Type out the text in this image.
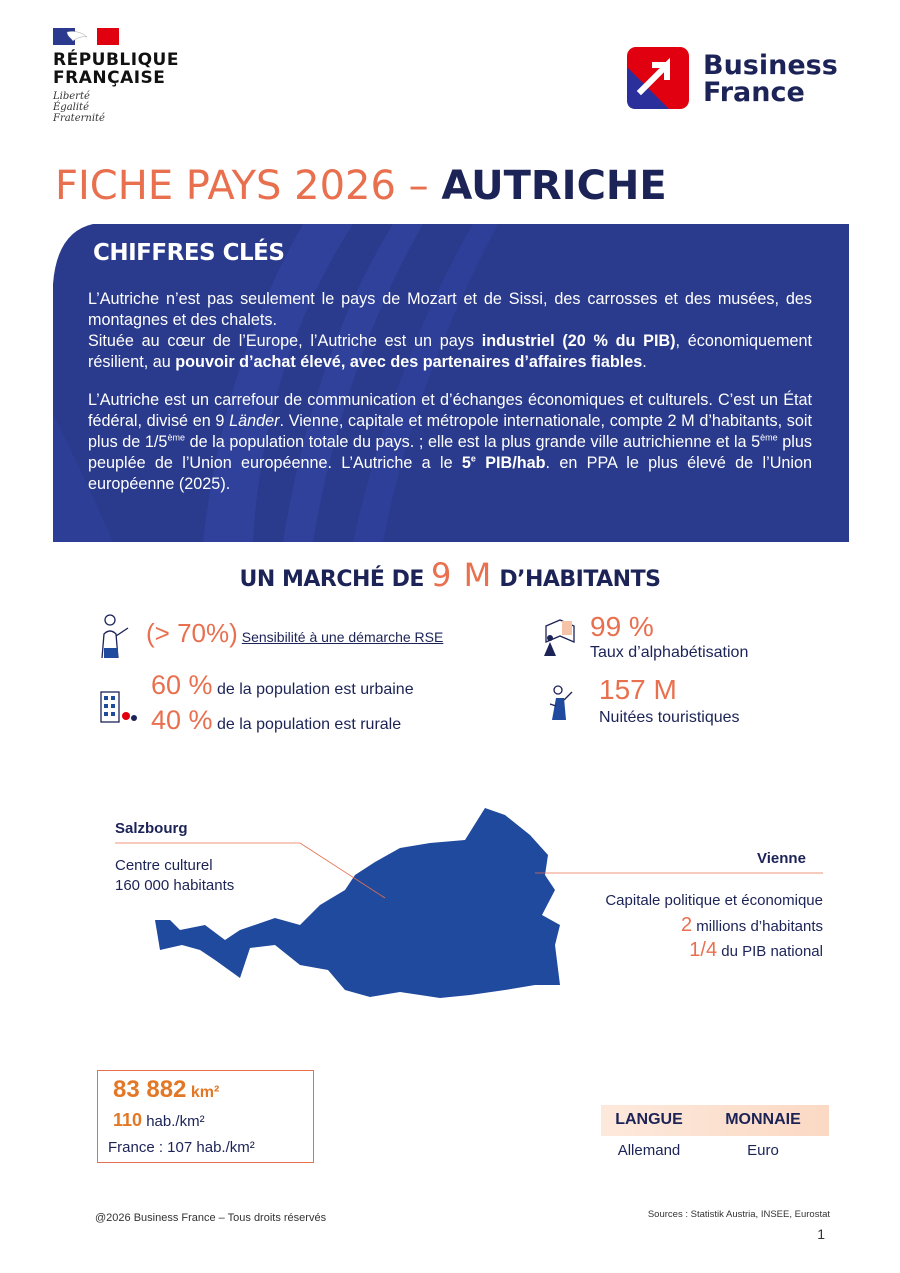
RÉPUBLIQUE
FRANÇAISE
Liberté
Égalité
Fraternité
Business
France
FICHE PAYS 2026 – AUTRICHE
CHIFFRES CLÉS

L’Autriche n’est pas seulement le pays de Mozart et de Sissi, des carrosses et des musées, des montagnes et des chalets.
Située au cœur de l’Europe, l’Autriche est un pays industriel (20 % du PIB), économiquement résilient, au pouvoir d’achat élevé, avec des partenaires d’affaires fiables.

L’Autriche est un carrefour de communication et d’échanges économiques et culturels. C’est un État fédéral, divisé en 9 Länder. Vienne, capitale et métropole internationale, compte 2 M d’habitants, soit plus de 1/5ème de la population totale du pays. ; elle est la plus grande ville autrichienne et la 5ème plus peuplée de l’Union européenne. L’Autriche a le 5e PIB/hab. en PPA le plus élevé de l’Union européenne (2025).

UN MARCHÉ DE 9 M D’HABITANTS
(> 70%) Sensibilité à une démarche RSE
60 % de la population est urbaine
40 % de la population est rurale
99 %
Taux d’alphabétisation
157 M
Nuitées touristiques
Salzbourg
Centre culturel
160 000 habitants
Vienne
Capitale politique et économique
2 millions d’habitants
1/4 du PIB national
83 882 km²
110 hab./km²
France : 107 hab./km²
LANGUE	MONNAIE
Allemand	Euro
@2026 Business France – Tous droits réservés	Sources : Statistik Austria, INSEE, Eurostat
1
